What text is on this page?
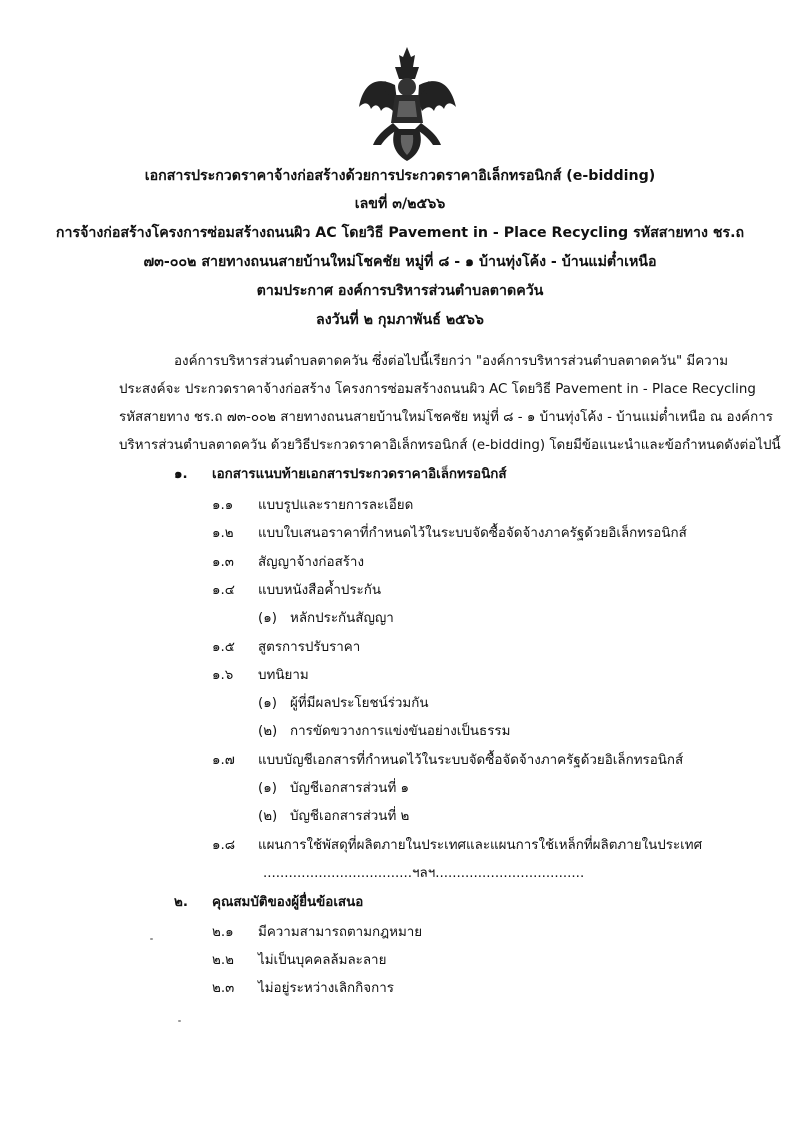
เอกสารประกวดราคาจ้างก่อสร้างด้วยการประกวดราคาอิเล็กทรอนิกส์ (e-bidding)
เลขที่ ๓/๒๕๖๖
การจ้างก่อสร้างโครงการซ่อมสร้างถนนผิว AC โดยวิธี Pavement in - Place Recycling รหัสสายทาง ชร.ถ
๗๓-๐๐๒ สายทางถนนสายบ้านใหม่โชคชัย หมู่ที่ ๘ - ๑ บ้านทุ่งโค้ง - บ้านแม่ต๋ำเหนือ
ตามประกาศ องค์การบริหารส่วนตำบลตาดควัน
ลงวันที่ ๒ กุมภาพันธ์ ๒๕๖๖
องค์การบริหารส่วนตำบลตาดควัน ซึ่งต่อไปนี้เรียกว่า "องค์การบริหารส่วนตำบลตาดควัน" มีความ
ประสงค์จะ ประกวดราคาจ้างก่อสร้าง โครงการซ่อมสร้างถนนผิว AC โดยวิธี Pavement in - Place Recycling
รหัสสายทาง ชร.ถ ๗๓-๐๐๒ สายทางถนนสายบ้านใหม่โชคชัย หมู่ที่ ๘ - ๑ บ้านทุ่งโค้ง - บ้านแม่ต๋ำเหนือ ณ องค์การ
บริหารส่วนตำบลตาดควัน ด้วยวิธีประกวดราคาอิเล็กทรอนิกส์ (e-bidding) โดยมีข้อแนะนำและข้อกำหนดดังต่อไปนี้
๑. เอกสารแนบท้ายเอกสารประกวดราคาอิเล็กทรอนิกส์
๑.๑ แบบรูปและรายการละเอียด
๑.๒ แบบใบเสนอราคาที่กำหนดไว้ในระบบจัดซื้อจัดจ้างภาครัฐด้วยอิเล็กทรอนิกส์
๑.๓ สัญญาจ้างก่อสร้าง
๑.๔ แบบหนังสือค้ำประกัน
(๑) หลักประกันสัญญา
๑.๕ สูตรการปรับราคา
๑.๖ บทนิยาม
(๑) ผู้ที่มีผลประโยชน์ร่วมกัน
(๒) การขัดขวางการแข่งขันอย่างเป็นธรรม
๑.๗ แบบบัญชีเอกสารที่กำหนดไว้ในระบบจัดซื้อจัดจ้างภาครัฐด้วยอิเล็กทรอนิกส์
(๑) บัญชีเอกสารส่วนที่ ๑
(๒) บัญชีเอกสารส่วนที่ ๒
๑.๘ แผนการใช้พัสดุที่ผลิตภายในประเทศและแผนการใช้เหล็กที่ผลิตภายในประเทศ
...................................ฯลฯ...................................
๒. คุณสมบัติของผู้ยื่นข้อเสนอ
๒.๑ มีความสามารถตามกฎหมาย
๒.๒ ไม่เป็นบุคคลล้มละลาย
๒.๓ ไม่อยู่ระหว่างเลิกกิจการ
